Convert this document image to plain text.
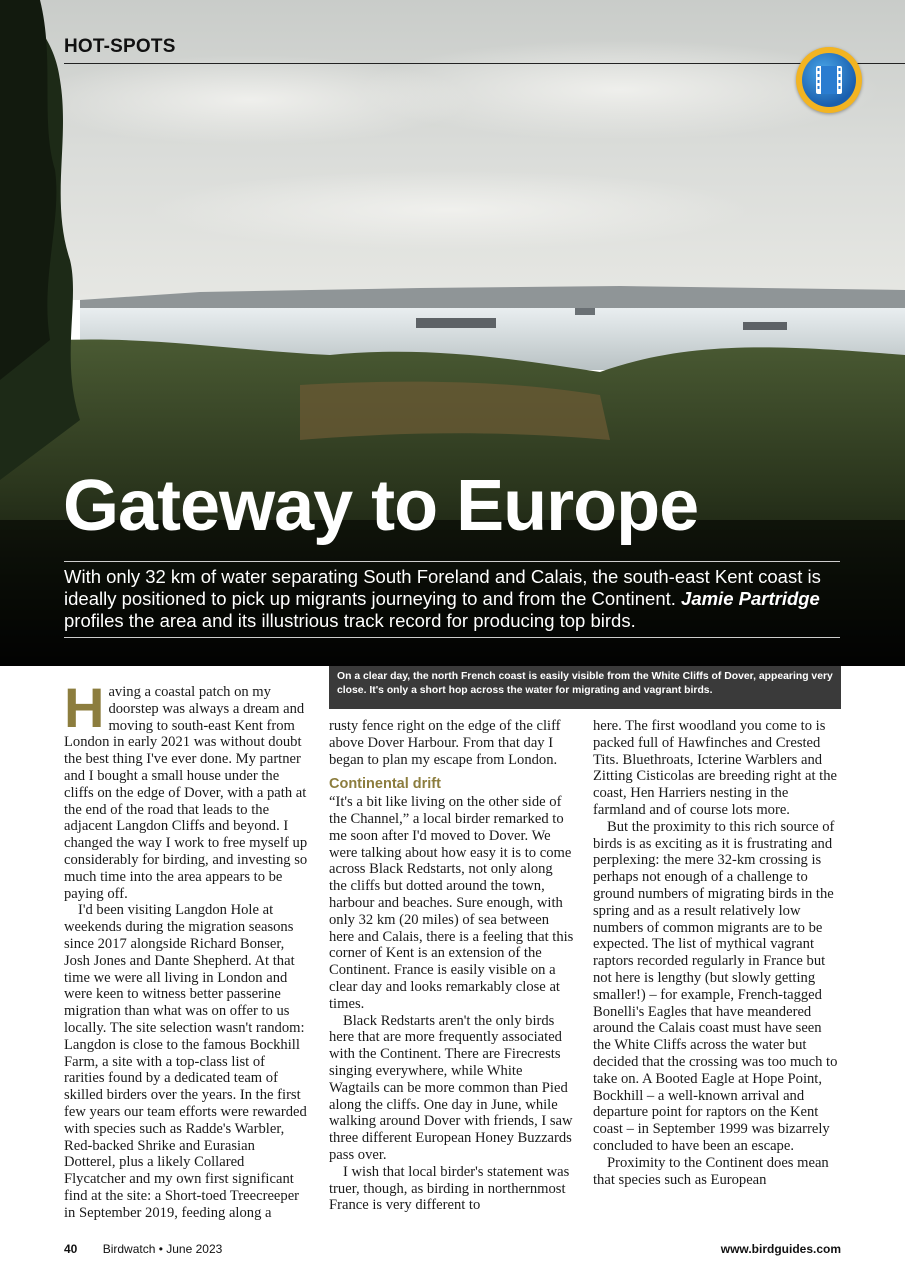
HOT-SPOTS
Gateway to Europe
With only 32 km of water separating South Foreland and Calais, the south-east Kent coast is ideally positioned to pick up migrants journeying to and from the Continent. Jamie Partridge profiles the area and its illustrious track record for producing top birds.
On a clear day, the north French coast is easily visible from the White Cliffs of Dover, appearing very close. It's only a short hop across the water for migrating and vagrant birds.

Having a coastal patch on my doorstep was always a dream and moving to south-east Kent from London in early 2021 was without doubt the best thing I've ever done. My partner and I bought a small house under the cliffs on the edge of Dover, with a path at the end of the road that leads to the adjacent Langdon Cliffs and beyond. I changed the way I work to free myself up considerably for birding, and investing so much time into the area appears to be paying off.

I'd been visiting Langdon Hole at weekends during the migration seasons since 2017 alongside Richard Bonser, Josh Jones and Dante Shepherd. At that time we were all living in London and were keen to witness better passerine migration than what was on offer to us locally. The site selection wasn't random: Langdon is close to the famous Bockhill Farm, a site with a top-class list of rarities found by a dedicated team of skilled birders over the years. In the first few years our team efforts were rewarded with species such as Radde's Warbler, Red-backed Shrike and Eurasian Dotterel, plus a likely Collared Flycatcher and my own first significant find at the site: a Short-toed Treecreeper in September 2019, feeding along a

rusty fence right on the edge of the cliff above Dover Harbour. From that day I began to plan my escape from London.

Continental drift

“It's a bit like living on the other side of the Channel,” a local birder remarked to me soon after I'd moved to Dover. We were talking about how easy it is to come across Black Redstarts, not only along the cliffs but dotted around the town, harbour and beaches. Sure enough, with only 32 km (20 miles) of sea between here and Calais, there is a feeling that this corner of Kent is an extension of the Continent. France is easily visible on a clear day and looks remarkably close at times.

Black Redstarts aren't the only birds here that are more frequently associated with the Continent. There are Firecrests singing everywhere, while White Wagtails can be more common than Pied along the cliffs. One day in June, while walking around Dover with friends, I saw three different European Honey Buzzards pass over.

I wish that local birder's statement was truer, though, as birding in northernmost France is very different to

here. The first woodland you come to is packed full of Hawfinches and Crested Tits. Bluethroats, Icterine Warblers and Zitting Cisticolas are breeding right at the coast, Hen Harriers nesting in the farmland and of course lots more.

But the proximity to this rich source of birds is as exciting as it is frustrating and perplexing: the mere 32-km crossing is perhaps not enough of a challenge to ground numbers of migrating birds in the spring and as a result relatively low numbers of common migrants are to be expected. The list of mythical vagrant raptors recorded regularly in France but not here is lengthy (but slowly getting smaller!) – for example, French-tagged Bonelli's Eagles that have meandered around the Calais coast must have seen the White Cliffs across the water but decided that the crossing was too much to take on. A Booted Eagle at Hope Point, Bockhill – a well-known arrival and departure point for raptors on the Kent coast – in September 1999 was bizarrely concluded to have been an escape.

Proximity to the Continent does mean that species such as European

40 Birdwatch • June 2023	www.birdguides.com
